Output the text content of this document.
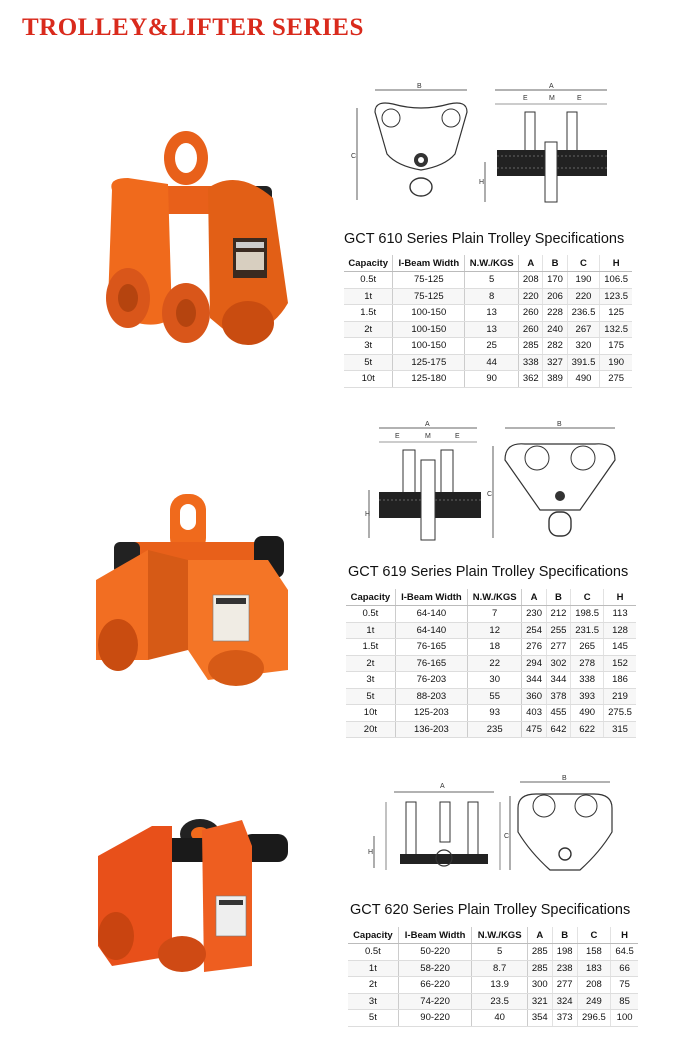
TROLLEY&LIFTER SERIES
B
C
A
E	M	E
H
GCT 610 Series Plain Trolley Specifications
Capacity	I-Beam Width	N.W./KGS	A	B	C	H
0.5t	75-125	5	208	170	190	106.5
1t	75-125	8	220	206	220	123.5
1.5t	100-150	13	260	228	236.5	125
2t	100-150	13	260	240	267	132.5
3t	100-150	25	285	282	320	175
5t	125-175	44	338	327	391.5	190
10t	125-180	90	362	389	490	275
A
E	M	E
H
B
C
GCT 619 Series Plain Trolley Specifications
Capacity	I-Beam Width	N.W./KGS	A	B	C	H
0.5t	64-140	7	230	212	198.5	113
1t	64-140	12	254	255	231.5	128
1.5t	76-165	18	276	277	265	145
2t	76-165	22	294	302	278	152
3t	76-203	30	344	344	338	186
5t	88-203	55	360	378	393	219
10t	125-203	93	403	455	490	275.5
20t	136-203	235	475	642	622	315
A
H
B
C
GCT 620 Series Plain Trolley Specifications
Capacity	I-Beam Width	N.W./KGS	A	B	C	H
0.5t	50-220	5	285	198	158	64.5
1t	58-220	8.7	285	238	183	66
2t	66-220	13.9	300	277	208	75
3t	74-220	23.5	321	324	249	85
5t	90-220	40	354	373	296.5	100
